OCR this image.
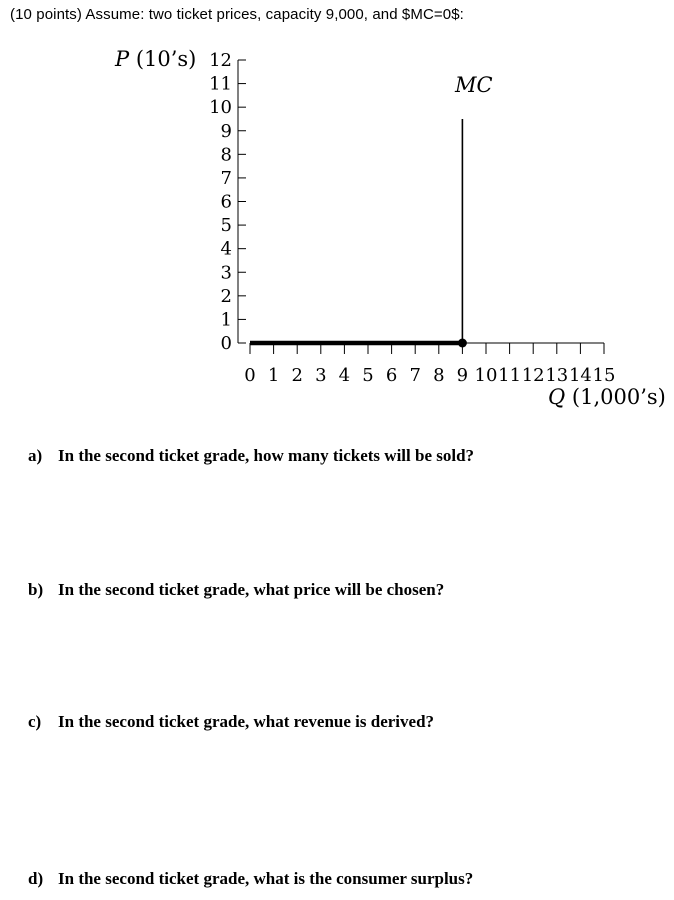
(10 points) Assume: two ticket prices, capacity 9,000, and $MC=0$:
0
1
2
3
4
5
6
7
8
9
10
11
12
0 1 2 3 4 5 6 7 8 9 10 11 12 13 14 15
P (10’s)
Q (1,000’s)
MC
a) In the second ticket grade, how many tickets will be sold?
b) In the second ticket grade, what price will be chosen?
c) In the second ticket grade, what revenue is derived?
d) In the second ticket grade, what is the consumer surplus?
